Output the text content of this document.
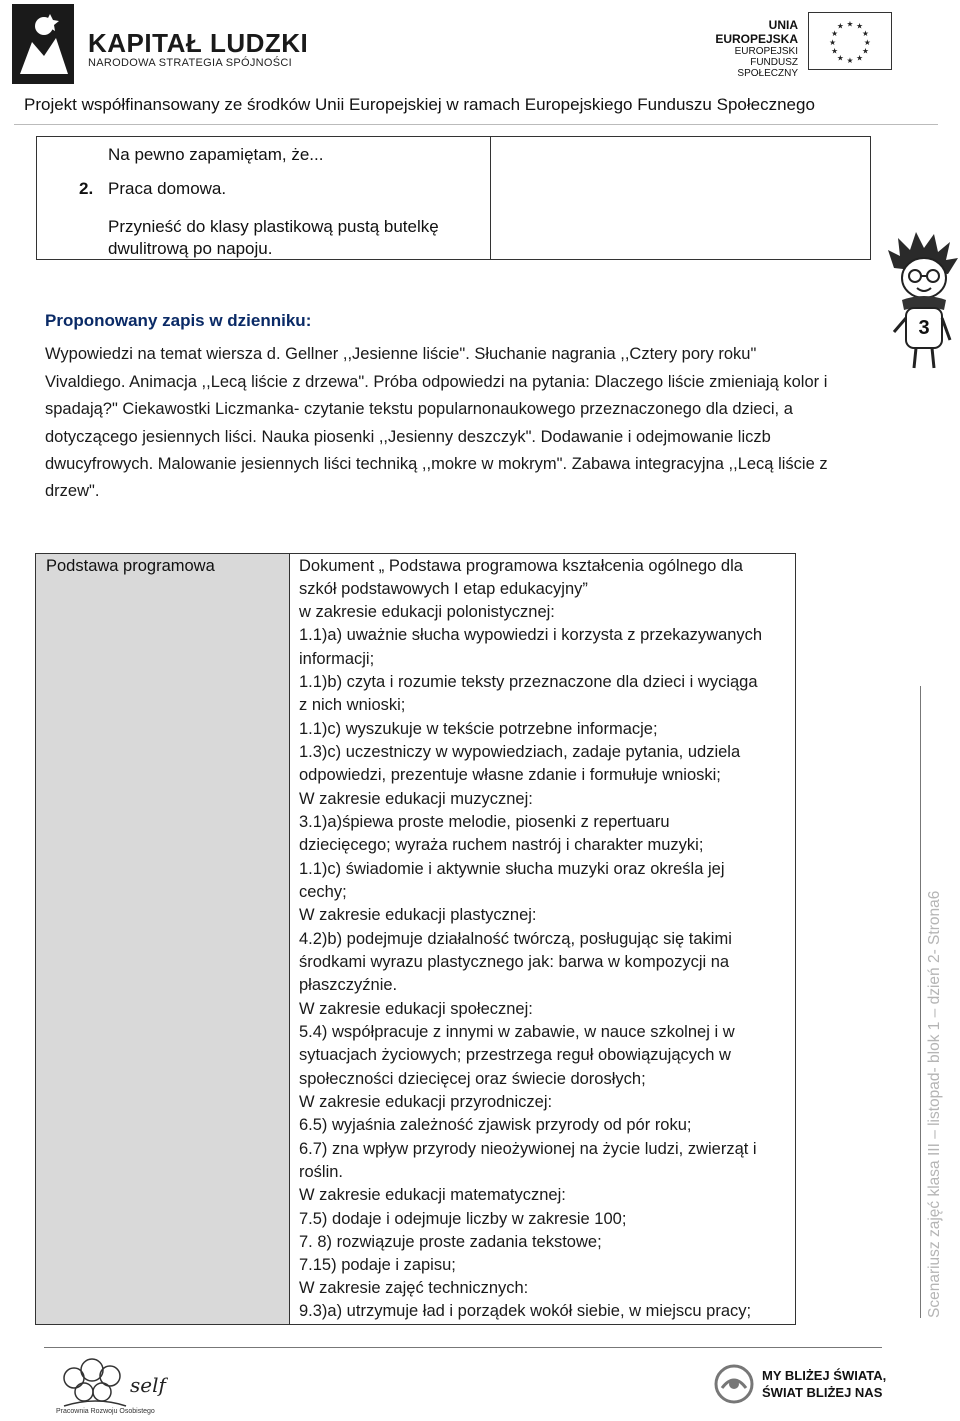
KAPITAŁ LUDZKI
NARODOWA STRATEGIA SPÓJNOŚCI
UNIA EUROPEJSKA
EUROPEJSKI
FUNDUSZ SPOŁECZNY
★ ★
★
★
★
★
★
★
★
★
★
★
Projekt współfinansowany ze środków Unii Europejskiej w ramach Europejskiego Funduszu Społecznego
Na pewno zapamiętam, że...
2. Praca domowa.
Przynieść do klasy plastikową pustą butelkę
dwulitrową po napoju.
Proponowany zapis w dzienniku:
Wypowiedzi na temat wiersza d. Gellner ,,Jesienne liście". Słuchanie nagrania ,,Cztery pory roku"
Vivaldiego. Animacja ,,Lecą liście z drzewa". Próba odpowiedzi na pytania: Dlaczego liście zmieniają kolor i
spadają?" Ciekawostki Liczmanka- czytanie tekstu popularnonaukowego przeznaczonego dla dzieci, a
dotyczącego jesiennych liści. Nauka piosenki ,,Jesienny deszczyk". Dodawanie i odejmowanie liczb
dwucyfrowych. Malowanie jesiennych liści techniką ,,mokre w mokrym". Zabawa integracyjna ,,Lecą liście z
drzew".
Podstawa programowa	Dokument „ Podstawa programowa kształcenia ogólnego dla
szkół podstawowych I etap edukacyjny”
w zakresie edukacji polonistycznej:
1.1)a) uważnie słucha wypowiedzi i korzysta z przekazywanych
informacji;
1.1)b) czyta i rozumie teksty przeznaczone dla dzieci i wyciąga
z nich wnioski;
1.1)c) wyszukuje w tekście potrzebne informacje;
1.3)c) uczestniczy w wypowiedziach, zadaje pytania, udziela
odpowiedzi, prezentuje własne zdanie i formułuje wnioski;
W zakresie edukacji muzycznej:
3.1)a)śpiewa proste melodie, piosenki z repertuaru
dziecięcego; wyraża ruchem nastrój i charakter muzyki;
1.1)c) świadomie i aktywnie słucha muzyki oraz określa jej
cechy;
W zakresie edukacji plastycznej:
4.2)b) podejmuje działalność twórczą, posługując się takimi
środkami wyrazu plastycznego jak: barwa w kompozycji na
płaszczyźnie.
W zakresie edukacji społecznej:
5.4) współpracuje z innymi w zabawie, w nauce szkolnej i w
sytuacjach życiowych; przestrzega reguł obowiązujących w
społeczności dziecięcej oraz świecie dorosłych;
W zakresie edukacji przyrodniczej:
6.5) wyjaśnia zależność zjawisk przyrody od pór roku;
6.7) zna wpływ przyrody nieożywionej na życie ludzi, zwierząt i
roślin.
W zakresie edukacji matematycznej:
7.5) dodaje i odejmuje liczby w zakresie 100;
7. 8) rozwiązuje proste zadania tekstowe;
7.15) podaje i zapisu;
W zakresie zajęć technicznych:
9.3)a) utrzymuje ład i porządek wokół siebie, w miejscu pracy;
3
Scenariusz zajęć klasa III – listopad- blok 1 – dzień 2- Strona6
self
Pracownia Rozwoju Osobistego
MY BLIŻEJ ŚWIATA,
ŚWIAT BLIŻEJ NAS
